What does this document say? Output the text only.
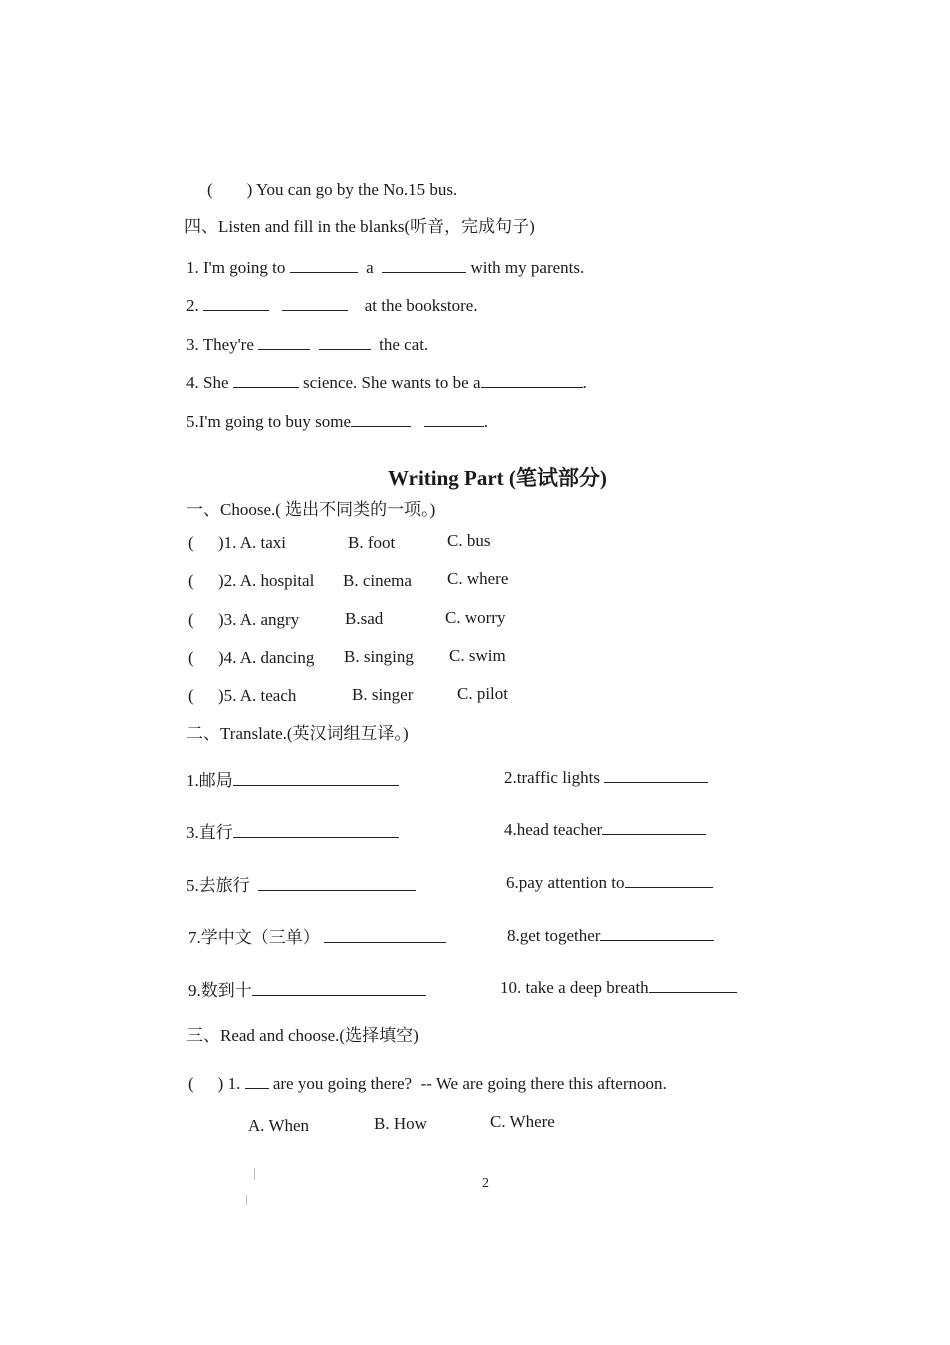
( ) You can go by the No.15 bus.

四、Listen and fill in the blanks(听音，完成句子)
1. I'm going to	a	with my parents.
2.	at the bookstore.
3. They're	the cat.
4. She	science. She wants to be a	.
5.I'm going to buy some	.
Writing Part (笔试部分)
一、Choose.( 选出不同类的一项。)
( )1. A. taxi	B. foot	C. bus
( )2. A. hospital B. cinema C. where
( )3. A. angry	B.sad	C. worry
( )4. A. dancing B. singing C. swim
( )5. A. teach	B. singer	C. pilot
二、Translate.(英汉词组互译。)
1.邮局	2.traffic lights
3.直行	4.head teacher
5.去旅行	6.pay attention to
7.学中文（三单）	8.get together
9.数到十	10. take a deep breath
三、Read and choose.(选择填空)
( ) 1. are you going there? -- We are going there this afternoon.
A. When	B. How	C. Where
2
